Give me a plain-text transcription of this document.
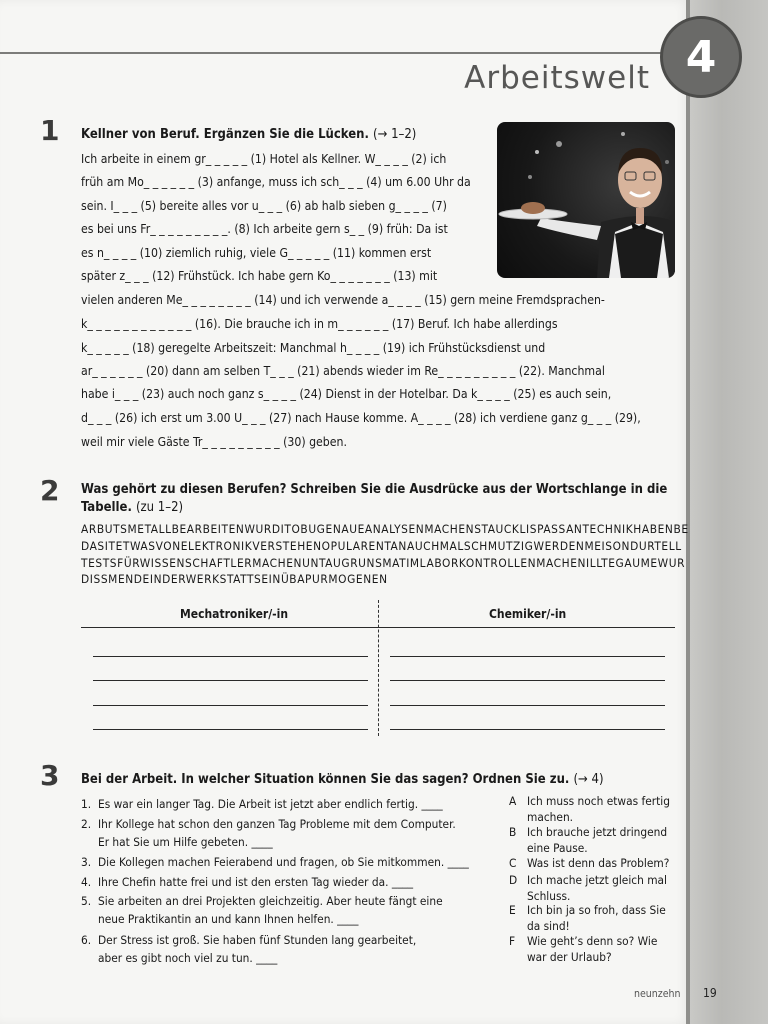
4
Arbeitswelt
1 Kellner von Beruf. Ergänzen Sie die Lücken. (→ 1–2)
Ich arbeite in einem gr_ _ _ _ _ (1) Hotel als Kellner. W_ _ _ _ (2) ich
früh am Mo_ _ _ _ _ _ (3) anfange, muss ich sch_ _ _ (4) um 6.00 Uhr da
sein. I_ _ _ (5) bereite alles vor u_ _ _ (6) ab halb sieben g_ _ _ _ (7)
es bei uns Fr_ _ _ _ _ _ _ _ _. (8) Ich arbeite gern s_ _ (9) früh: Da ist
es n_ _ _ _ (10) ziemlich ruhig, viele G_ _ _ _ _ (11) kommen erst
später z_ _ _ (12) Frühstück. Ich habe gern Ko_ _ _ _ _ _ _ (13) mit
vielen anderen Me_ _ _ _ _ _ _ _ (14) und ich verwende a_ _ _ _ (15) gern meine Fremdsprachen-
k_ _ _ _ _ _ _ _ _ _ _ _ (16). Die brauche ich in m_ _ _ _ _ _ (17) Beruf. Ich habe allerdings
k_ _ _ _ _ (18) geregelte Arbeitszeit: Manchmal h_ _ _ _ (19) ich Frühstücksdienst und
ar_ _ _ _ _ _ (20) dann am selben T_ _ _ (21) abends wieder im Re_ _ _ _ _ _ _ _ _ (22). Manchmal
habe i_ _ _ (23) auch noch ganz s_ _ _ _ (24) Dienst in der Hotelbar. Da k_ _ _ _ (25) es auch sein,
d_ _ _ (26) ich erst um 3.00 U_ _ _ (27) nach Hause komme. A_ _ _ _ (28) ich verdiene ganz g_ _ _ (29),
weil mir viele Gäste Tr_ _ _ _ _ _ _ _ _ (30) geben.
2 Was gehört zu diesen Berufen? Schreiben Sie die Ausdrücke aus der Wortschlange in die
Tabelle. (zu 1–2)
ARBUTSMETALLBEARBEITENWURDITOBUGENAUEANALYSENMACHENSTAUCKLISPASSANTECHNIKHABENBE
DASITETWASVONELEKTRONIKVERSTEHENOPULARENTANAUCHMALSCHMUTZIGWERDENMEISONDURTELL
TESTSFÜRWISSENSCHAFTLERMACHENUNTAUGRUNSMATIMLABORKONTROLLENMACHENILLTEGAUMEWUR
DISSMENDEINDERWERKSTATTSEINÜBAPURMOGENEN
Mechatroniker/-in	Chemiker/-in
3 Bei der Arbeit. In welcher Situation können Sie das sagen? Ordnen Sie zu. (→ 4)
1. Es war ein langer Tag. Die Arbeit ist jetzt aber endlich fertig. ____
2. Ihr Kollege hat schon den ganzen Tag Probleme mit dem Computer.
Er hat Sie um Hilfe gebeten. ____
3. Die Kollegen machen Feierabend und fragen, ob Sie mitkommen. ____
4. Ihre Chefin hatte frei und ist den ersten Tag wieder da. ____
5. Sie arbeiten an drei Projekten gleichzeitig. Aber heute fängt eine
neue Praktikantin an und kann Ihnen helfen. ____
6. Der Stress ist groß. Sie haben fünf Stunden lang gearbeitet,
aber es gibt noch viel zu tun. ____
A Ich muss noch etwas fertig
machen.
B Ich brauche jetzt dringend
eine Pause.
C Was ist denn das Problem?
D Ich mache jetzt gleich mal
Schluss.
E Ich bin ja so froh, dass Sie
da sind!
F Wie geht’s denn so? Wie
war der Urlaub?
neunzehn 19
